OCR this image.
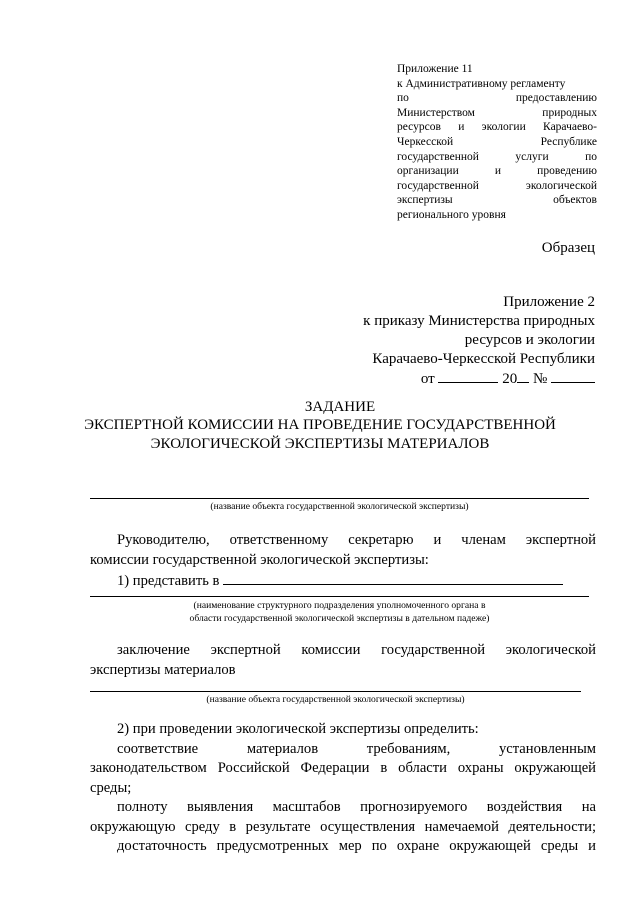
Приложение 11
к Административному регламенту
по предоставлению
Министерством природных
ресурсов и экологии Карачаево-
Черкесской Республике
государственной услуги по
организации и проведению
государственной экологической
экспертизы объектов
регионального уровня
Образец
Приложение 2
к приказу Министерства природных
ресурсов и экологии
Карачаево-Черкесской Республики
от	20 №
ЗАДАНИЕ
ЭКСПЕРТНОЙ КОМИССИИ НА ПРОВЕДЕНИЕ ГОСУДАРСТВЕННОЙ
ЭКОЛОГИЧЕСКОЙ ЭКСПЕРТИЗЫ МАТЕРИАЛОВ
(название объекта государственной экологической экспертизы)
Руководителю, ответственному секретарю и членам экспертной
комиссии государственной экологической экспертизы:
1) представить в
(наименование структурного подразделения уполномоченного органа в
области государственной экологической экспертизы в дательном падеже)
заключение экспертной комиссии государственной экологической
экспертизы материалов
(название объекта государственной экологической экспертизы)
2) при проведении экологической экспертизы определить:
соответствие материалов требованиям, установленным
законодательством Российской Федерации в области охраны окружающей
среды;
полноту выявления масштабов прогнозируемого воздействия на
окружающую среду в результате осуществления намечаемой деятельности;
достаточность предусмотренных мер по охране окружающей среды и
